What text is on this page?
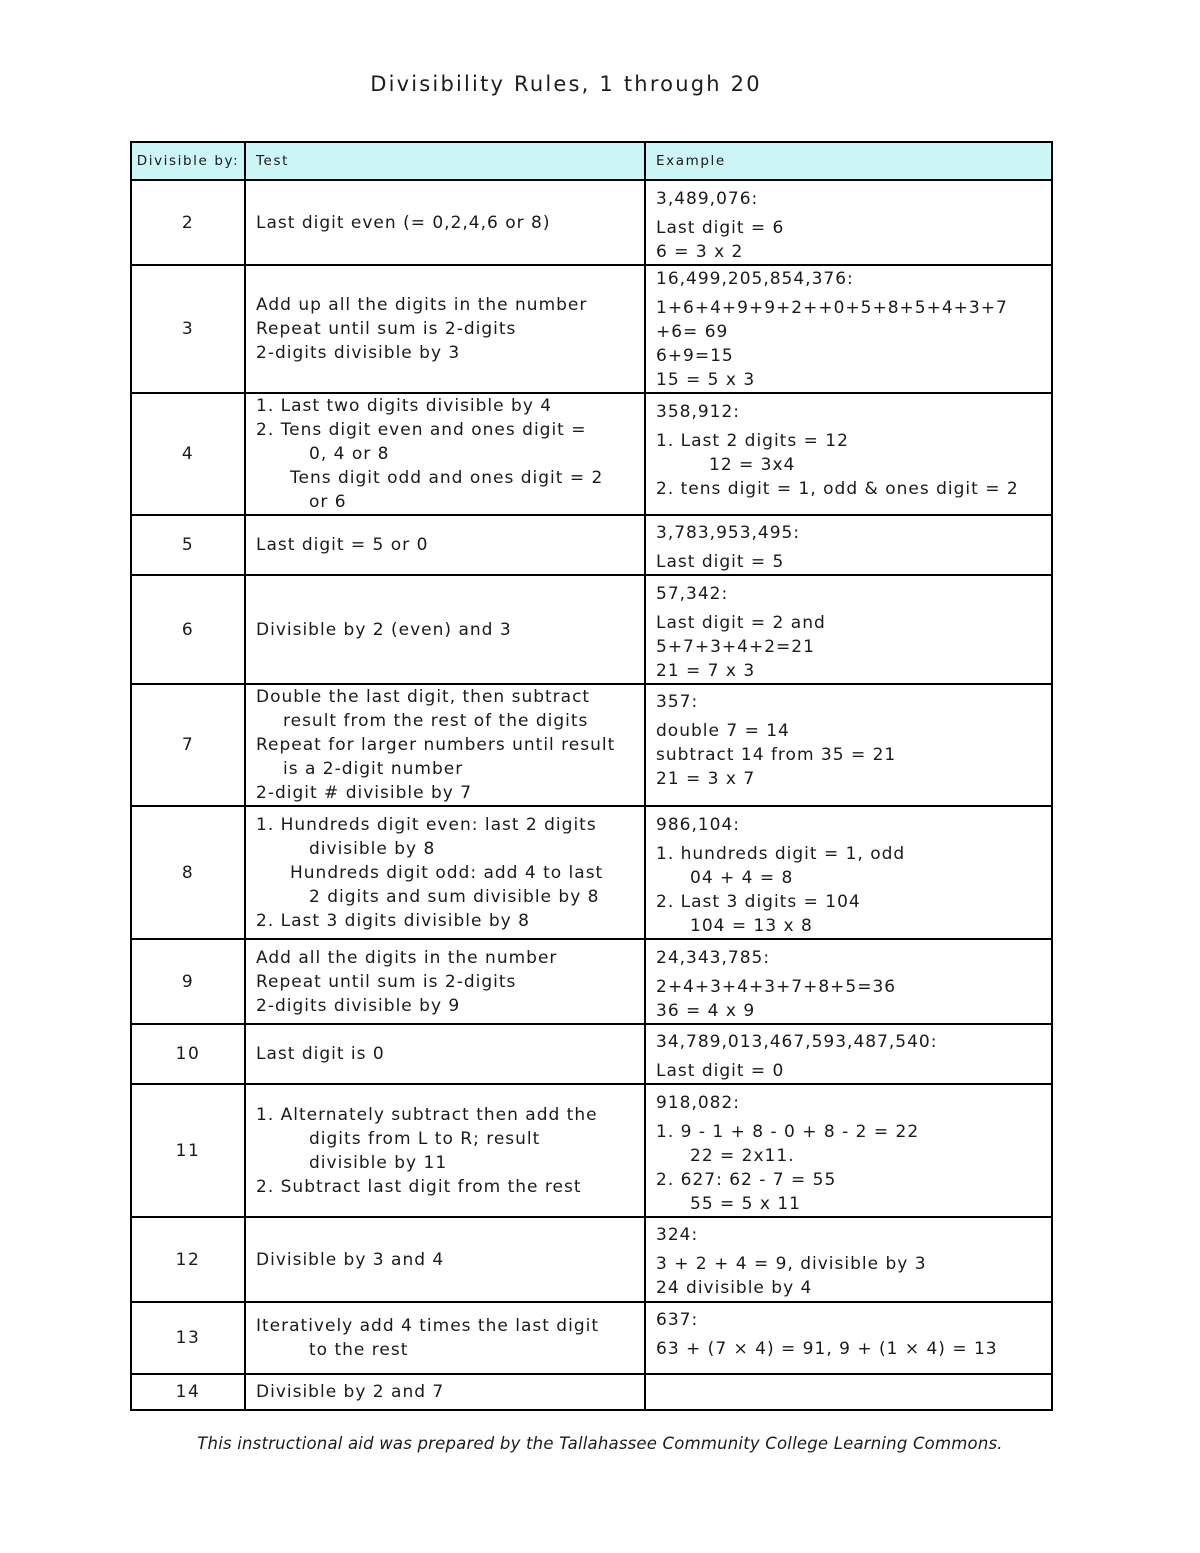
Divisibility Rules, 1 through 20
Divisible by:	Test	Example
2	Last digit even (= 0,2,4,6 or 8)	3,489,076:
Last digit = 6
6 = 3 x 2

3	Add up all the digits in the number
Repeat until sum is 2-digits
2-digits divisible by 3	16,499,205,854,376:
1+6+4+9+9+2++0+5+8+5+4+3+7
+6= 69
6+9=15
15 = 5 x 3

4	1. Last two digits divisible by 4
2. Tens digit even and ones digit =
0, 4 or 8
Tens digit odd and ones digit = 2
or 6	358,912:
1. Last 2 digits = 12
12 = 3x4
2. tens digit = 1, odd & ones digit = 2

5	Last digit = 5 or 0	3,783,953,495:
Last digit = 5

6	Divisible by 2 (even) and 3	57,342:
Last digit = 2 and
5+7+3+4+2=21
21 = 7 x 3

7	Double the last digit, then subtract
result from the rest of the digits
Repeat for larger numbers until result
is a 2-digit number
2-digit # divisible by 7	357:
double 7 = 14
subtract 14 from 35 = 21
21 = 3 x 7

8	1. Hundreds digit even: last 2 digits
divisible by 8
Hundreds digit odd: add 4 to last
2 digits and sum divisible by 8
2. Last 3 digits divisible by 8	986,104:
1. hundreds digit = 1, odd
04 + 4 = 8
2. Last 3 digits = 104
104 = 13 x 8

9	Add all the digits in the number
Repeat until sum is 2-digits
2-digits divisible by 9	24,343,785:
2+4+3+4+3+7+8+5=36
36 = 4 x 9

10	Last digit is 0	34,789,013,467,593,487,540:
Last digit = 0

11	1. Alternately subtract then add the
digits from L to R; result
divisible by 11
2. Subtract last digit from the rest	918,082:
1. 9 - 1 + 8 - 0 + 8 - 2 = 22
22 = 2x11.
2. 627: 62 - 7 = 55
55 = 5 x 11

12	Divisible by 3 and 4	324:
3 + 2 + 4 = 9, divisible by 3
24 divisible by 4

13	Iteratively add 4 times the last digit
to the rest	637:
63 + (7 × 4) = 91, 9 + (1 × 4) = 13

14	Divisible by 2 and 7	

This instructional aid was prepared by the Tallahassee Community College Learning Commons.
